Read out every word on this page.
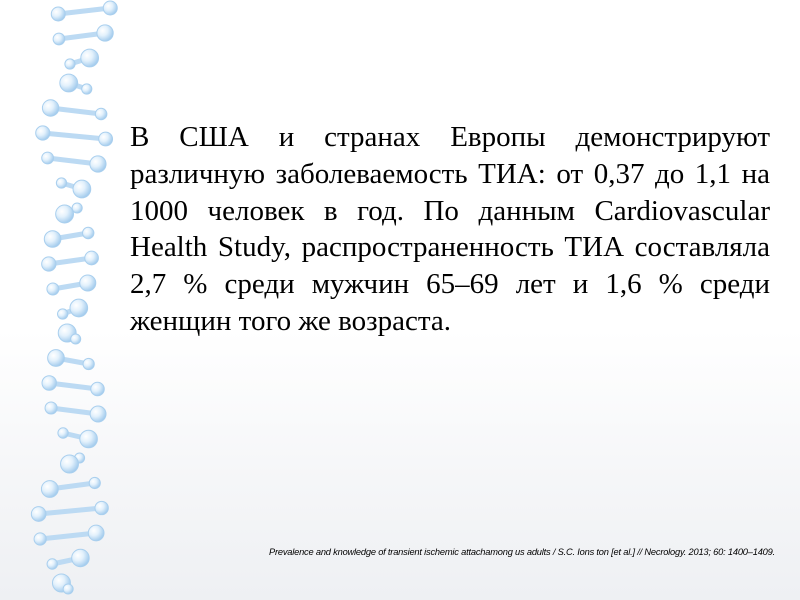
В США и странах Европы демонстрируют различную заболеваемость ТИА: от 0,37 до 1,1 на 1000 человек в год. По данным Cardiovascular Health Study, распространенность ТИА составляла 2,7 % среди мужчин 65–69 лет и 1,6 % среди женщин того же возраста.

Prevalence and knowledge of transient ischemic attachamong us adults / S.C. Ions ton [et al.] // Necrology. 2013; 60: 1400–1409.
